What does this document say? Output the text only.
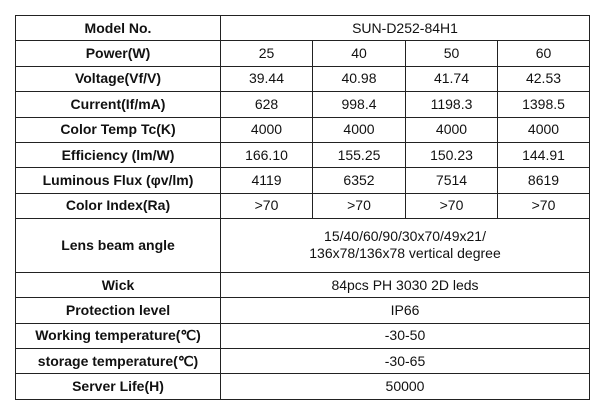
Model No.	SUN-D252-84H1			
Power(W)	25	40	50	60
Voltage(Vf/V)	39.44	40.98	41.74	42.53
Current(If/mA)	628	998.4	1198.3	1398.5
Color Temp Tc(K)	4000	4000	4000	4000
Efficiency (lm/W)	166.10	155.25	150.23	144.91
Luminous Flux (φv/lm)	4119	6352	7514	8619
Color Index(Ra)	>70	>70	>70	>70
Lens beam angle	15/40/60/90/30x70/49x21/
136x78/136x78 vertical degree			

Wick	84pcs PH 3030 2D leds			
Protection level	IP66			
Working temperature(℃)	-30-50			
storage temperature(℃)	-30-65			
Server Life(H)	50000			
